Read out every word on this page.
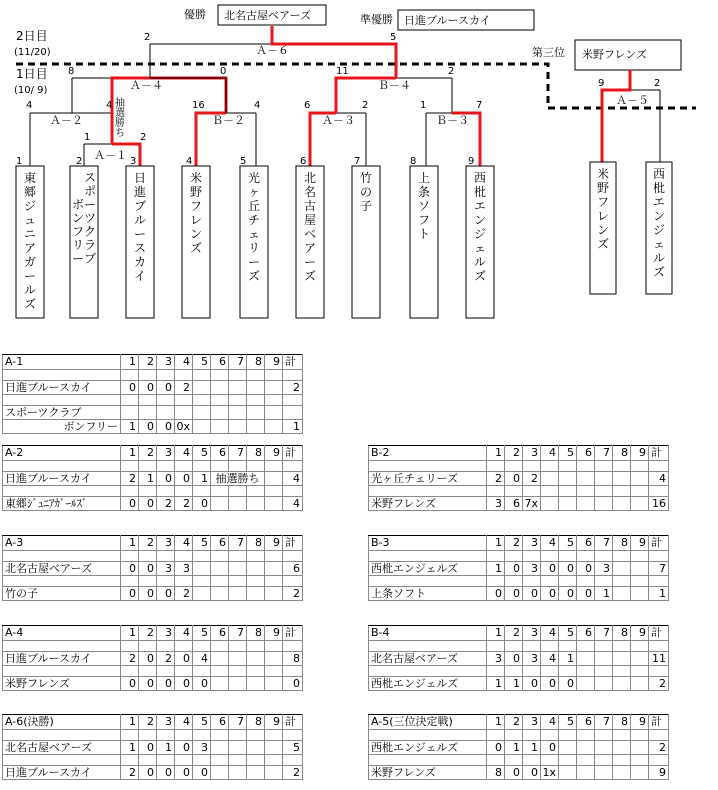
優勝 北名古屋ベアーズ	準優勝 日進ブルースカイ
第三位 米野フレンズ
2日目
(11/20)
1日目
(10/ 9)
1	2	3	4	5	6	7	8	9
1	2
Ａ－１
4	4
Ａ－２
16	4
Ｂ－２
6	2
Ａ－３
1	7
Ｂ－３
8	0
Ａ－４
11	2
Ｂ－４
2	5
Ａ－６
9	2
Ａ－５
抽
選
勝
ち
東郷ジュニアガールズ
スポーツクラブ
ボンフリー
日進ブルースカイ
米野フレンズ
光ヶ丘チェリーズ
北名古屋ベアーズ
竹の子
上条ソフト
西枇エンジェルズ
米野フレンズ
西枇エンジェルズ
A-1	1	2	3	4	5	6	7	8	9	計

日進ブルースカイ	0	0	0	2						2

スポーツクラブ										
ボンフリー	1	0	0	0x						1
A-2	1	2	3	4	5	6	7	8	9	計

日進ブルースカイ	2	1	0	0	1	抽選勝ち				4

東郷ｼﾞｭﾆｱｶﾞｰﾙｽﾞ	0	0	2	2	0					4
B-2	1	2	3	4	5	6	7	8	9	計

光ヶ丘チェリーズ	2	0	2							4

米野フレンズ	3	6	7x							16
A-3	1	2	3	4	5	6	7	8	9	計

北名古屋ベアーズ	0	0	3	3						6

竹の子	0	0	0	2						2
B-3	1	2	3	4	5	6	7	8	9	計

西枇エンジェルズ	1	0	3	0	0	0	3			7

上条ソフト	0	0	0	0	0	0	1			1
A-4	1	2	3	4	5	6	7	8	9	計

日進ブルースカイ	2	0	2	0	4					8

米野フレンズ	0	0	0	0	0					0
B-4	1	2	3	4	5	6	7	8	9	計

北名古屋ベアーズ	3	0	3	4	1					11

西枇エンジェルズ	1	1	0	0	0					2
A-6(決勝)	1	2	3	4	5	6	7	8	9	計

北名古屋ベアーズ	1	0	1	0	3					5

日進ブルースカイ	2	0	0	0	0					2
A-5(三位決定戦)	1	2	3	4	5	6	7	8	9	計

西枇エンジェルズ	0	1	1	0						2

米野フレンズ	8	0	0	1x						9
